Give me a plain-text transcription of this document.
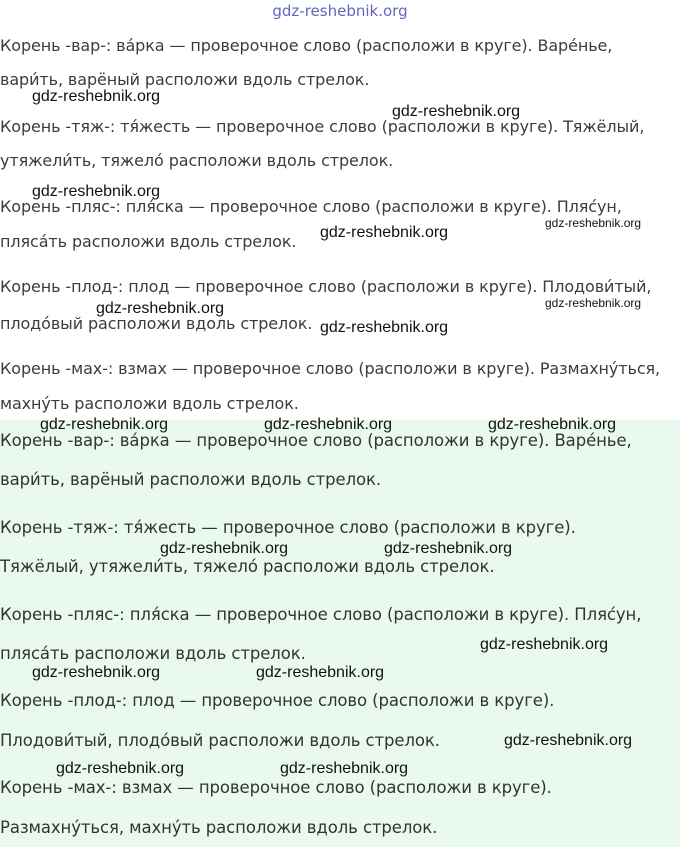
gdz-reshebnik.org
Корень -вар-: ва́рка — проверочное слово (расположи в круге). Варе́нье,
вари́ть, варёный расположи вдоль стрелок.
Корень -тяж-: тя́жесть — проверочное слово (расположи в круге). Тяжёлый,
утяжели́ть, тяжело́ расположи вдоль стрелок.
Корень -пляс-: пля́ска — проверочное слово (расположи в круге). Пляс́ун,
пляса́ть расположи вдоль стрелок.
Корень -плод-: плод — проверочное слово (расположи в круге). Плодови́тый,
плодо́вый расположи вдоль стрелок.
Корень -мах-: взмах — проверочное слово (расположи в круге). Размахну́ться,
махну́ть расположи вдоль стрелок.
Корень -вар-: ва́рка — проверочное слово (расположи в круге). Варе́нье,
вари́ть, варёный расположи вдоль стрелок.
Корень -тяж-: тя́жесть — проверочное слово (расположи в круге).
Тяжёлый, утяжели́ть, тяжело́ расположи вдоль стрелок.
Корень -пляс-: пля́ска — проверочное слово (расположи в круге). Пляс́ун,
пляса́ть расположи вдоль стрелок.
Корень -плод-: плод — проверочное слово (расположи в круге).
Плодови́тый, плодо́вый расположи вдоль стрелок.
Корень -мах-: взмах — проверочное слово (расположи в круге).
Размахну́ться, махну́ть расположи вдоль стрелок.
gdz-reshebnik.org
gdz-reshebnik.org
gdz-reshebnik.org
gdz-reshebnik.org
gdz-reshebnik.org
gdz-reshebnik.org
gdz-reshebnik.org
gdz-reshebnik.org
gdz-reshebnik.org	gdz-reshebnik.org	gdz-reshebnik.org
gdz-reshebnik.org	gdz-reshebnik.org
gdz-reshebnik.org
gdz-reshebnik.org	gdz-reshebnik.org
gdz-reshebnik.org
gdz-reshebnik.org	gdz-reshebnik.org
